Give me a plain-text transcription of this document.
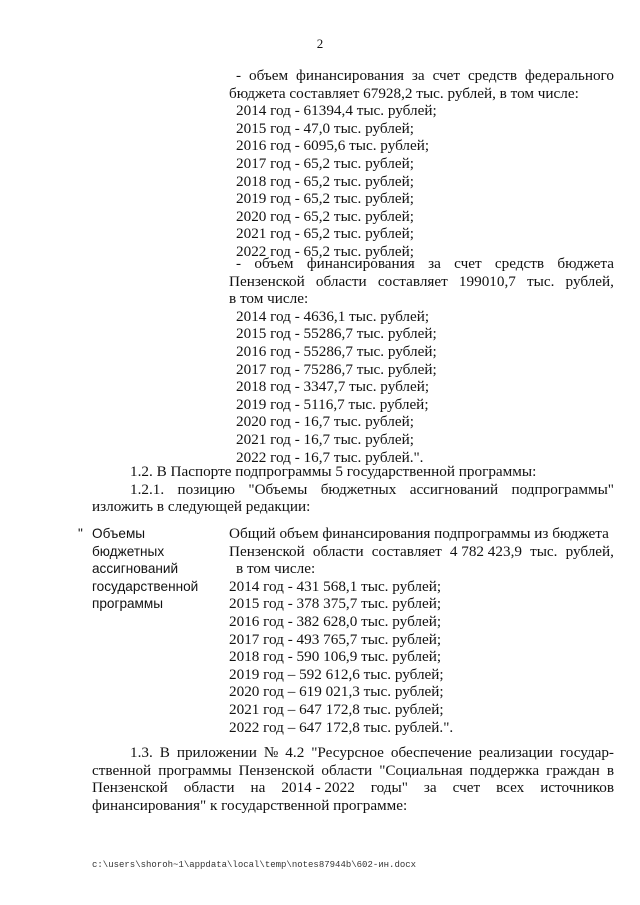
2
- объем финансирования за счет средств федерального
бюджета составляет 67928,2 тыс. рублей, в том числе:
2014 год - 61394,4 тыс. рублей;
2015 год - 47,0 тыс. рублей;
2016 год - 6095,6 тыс. рублей;
2017 год - 65,2 тыс. рублей;
2018 год - 65,2 тыс. рублей;
2019 год - 65,2 тыс. рублей;
2020 год - 65,2 тыс. рублей;
2021 год - 65,2 тыс. рублей;
2022 год - 65,2 тыс. рублей;
- объем финансирования за счет средств бюджета
Пензенской области составляет 199010,7 тыс. рублей,
в том числе:
2014 год - 4636,1 тыс. рублей;
2015 год - 55286,7 тыс. рублей;
2016 год - 55286,7 тыс. рублей;
2017 год - 75286,7 тыс. рублей;
2018 год - 3347,7 тыс. рублей;
2019 год - 5116,7 тыс. рублей;
2020 год - 16,7 тыс. рублей;
2021 год - 16,7 тыс. рублей;
2022 год - 16,7 тыс. рублей.".
1.2. В Паспорте подпрограммы 5 государственной программы:
1.2.1. позицию "Объемы бюджетных ассигнований подпрограммы"
изложить в следующей редакции:
" Объемы
бюджетных
ассигнований
государственной
программы
Общий объем финансирования подпрограммы из бюджета
Пензенской области составляет 4 782 423,9 тыс. рублей,
в том числе:
2014 год - 431 568,1 тыс. рублей;
2015 год - 378 375,7 тыс. рублей;
2016 год - 382 628,0 тыс. рублей;
2017 год - 493 765,7 тыс. рублей;
2018 год - 590 106,9 тыс. рублей;
2019 год – 592 612,6 тыс. рублей;
2020 год – 619 021,3 тыс. рублей;
2021 год – 647 172,8 тыс. рублей;
2022 год – 647 172,8 тыс. рублей.".
1.3. В приложении № 4.2 "Ресурсное обеспечение реализации государ-
ственной программы Пензенской области "Социальная поддержка граждан в
Пензенской области на 2014 - 2022 годы" за счет всех источников
финансирования" к государственной программе:
c:\users\shoroh~1\appdata\local\temp\notes87944b\602-ин.docx
